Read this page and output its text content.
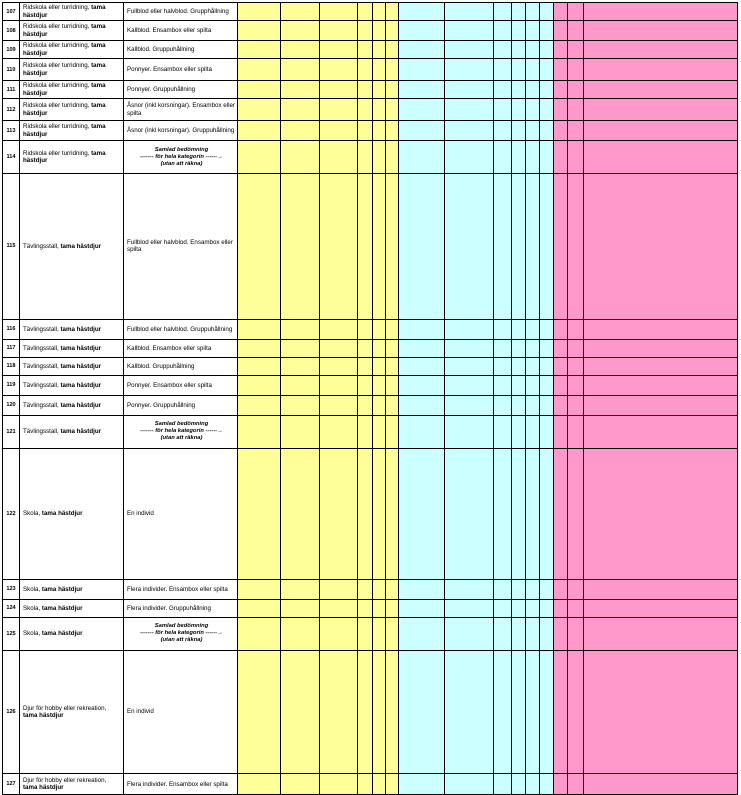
107	Ridskola eller turridning, tama hästdjur	Fullblod eller halvblod. Grupphållning																
108	Ridskola eller turridning, tama hästdjur	Kallblod. Ensambox eller spilta																
109	Ridskola eller turridning, tama hästdjur	Kallblod. Gruppuhållning																
110	Ridskola eller turridning, tama hästdjur	Ponnyer. Ensambox eller spilta																
111	Ridskola eller turridning, tama hästdjur	Ponnyer. Gruppuhållning																
112	Ridskola eller turridning, tama hästdjur	Åsnor (inkl korsningar). Ensambox eller spilta																
113	Ridskola eller turridning, tama hästdjur	Åsnor (inkl korsningar). Gruppuhållning																
114	Ridskola eller turridning, tama hästdjur	Samlad bedömning
------- för hela kategorin ------→
(utan att räkna)																

115	Tävlingsstall, tama hästdjur	Fullblod eller halvblod. Ensambox eller spilta																

116	Tävlingsstall, tama hästdjur	Fullblod eller halvblod. Gruppuhållning																
117	Tävlingsstall, tama hästdjur	Kallblod. Ensambox eller spilta																
118	Tävlingsstall, tama hästdjur	Kallblod. Gruppuhållning																
119	Tävlingsstall, tama hästdjur	Ponnyer. Ensambox eller spilta																
120	Tävlingsstall, tama hästdjur	Ponnyer. Gruppuhållning																
121	Tävlingsstall, tama hästdjur	Samlad bedömning
------- för hela kategorin ------→
(utan att räkna)																

122	Skola, tama hästdjur	En individ																

123	Skola, tama hästdjur	Flera individer. Ensambox eller spilta																
124	Skola, tama hästdjur	Flera individer. Gruppuhållning																
125	Skola, tama hästdjur	Samlad bedömning
------- för hela kategorin ------→
(utan att räkna)																

126	Djur för hobby eller rekreation, tama hästdjur	En individ																

127	Djur för hobby eller rekreation, tama hästdjur	Flera individer. Ensambox eller spilta																
